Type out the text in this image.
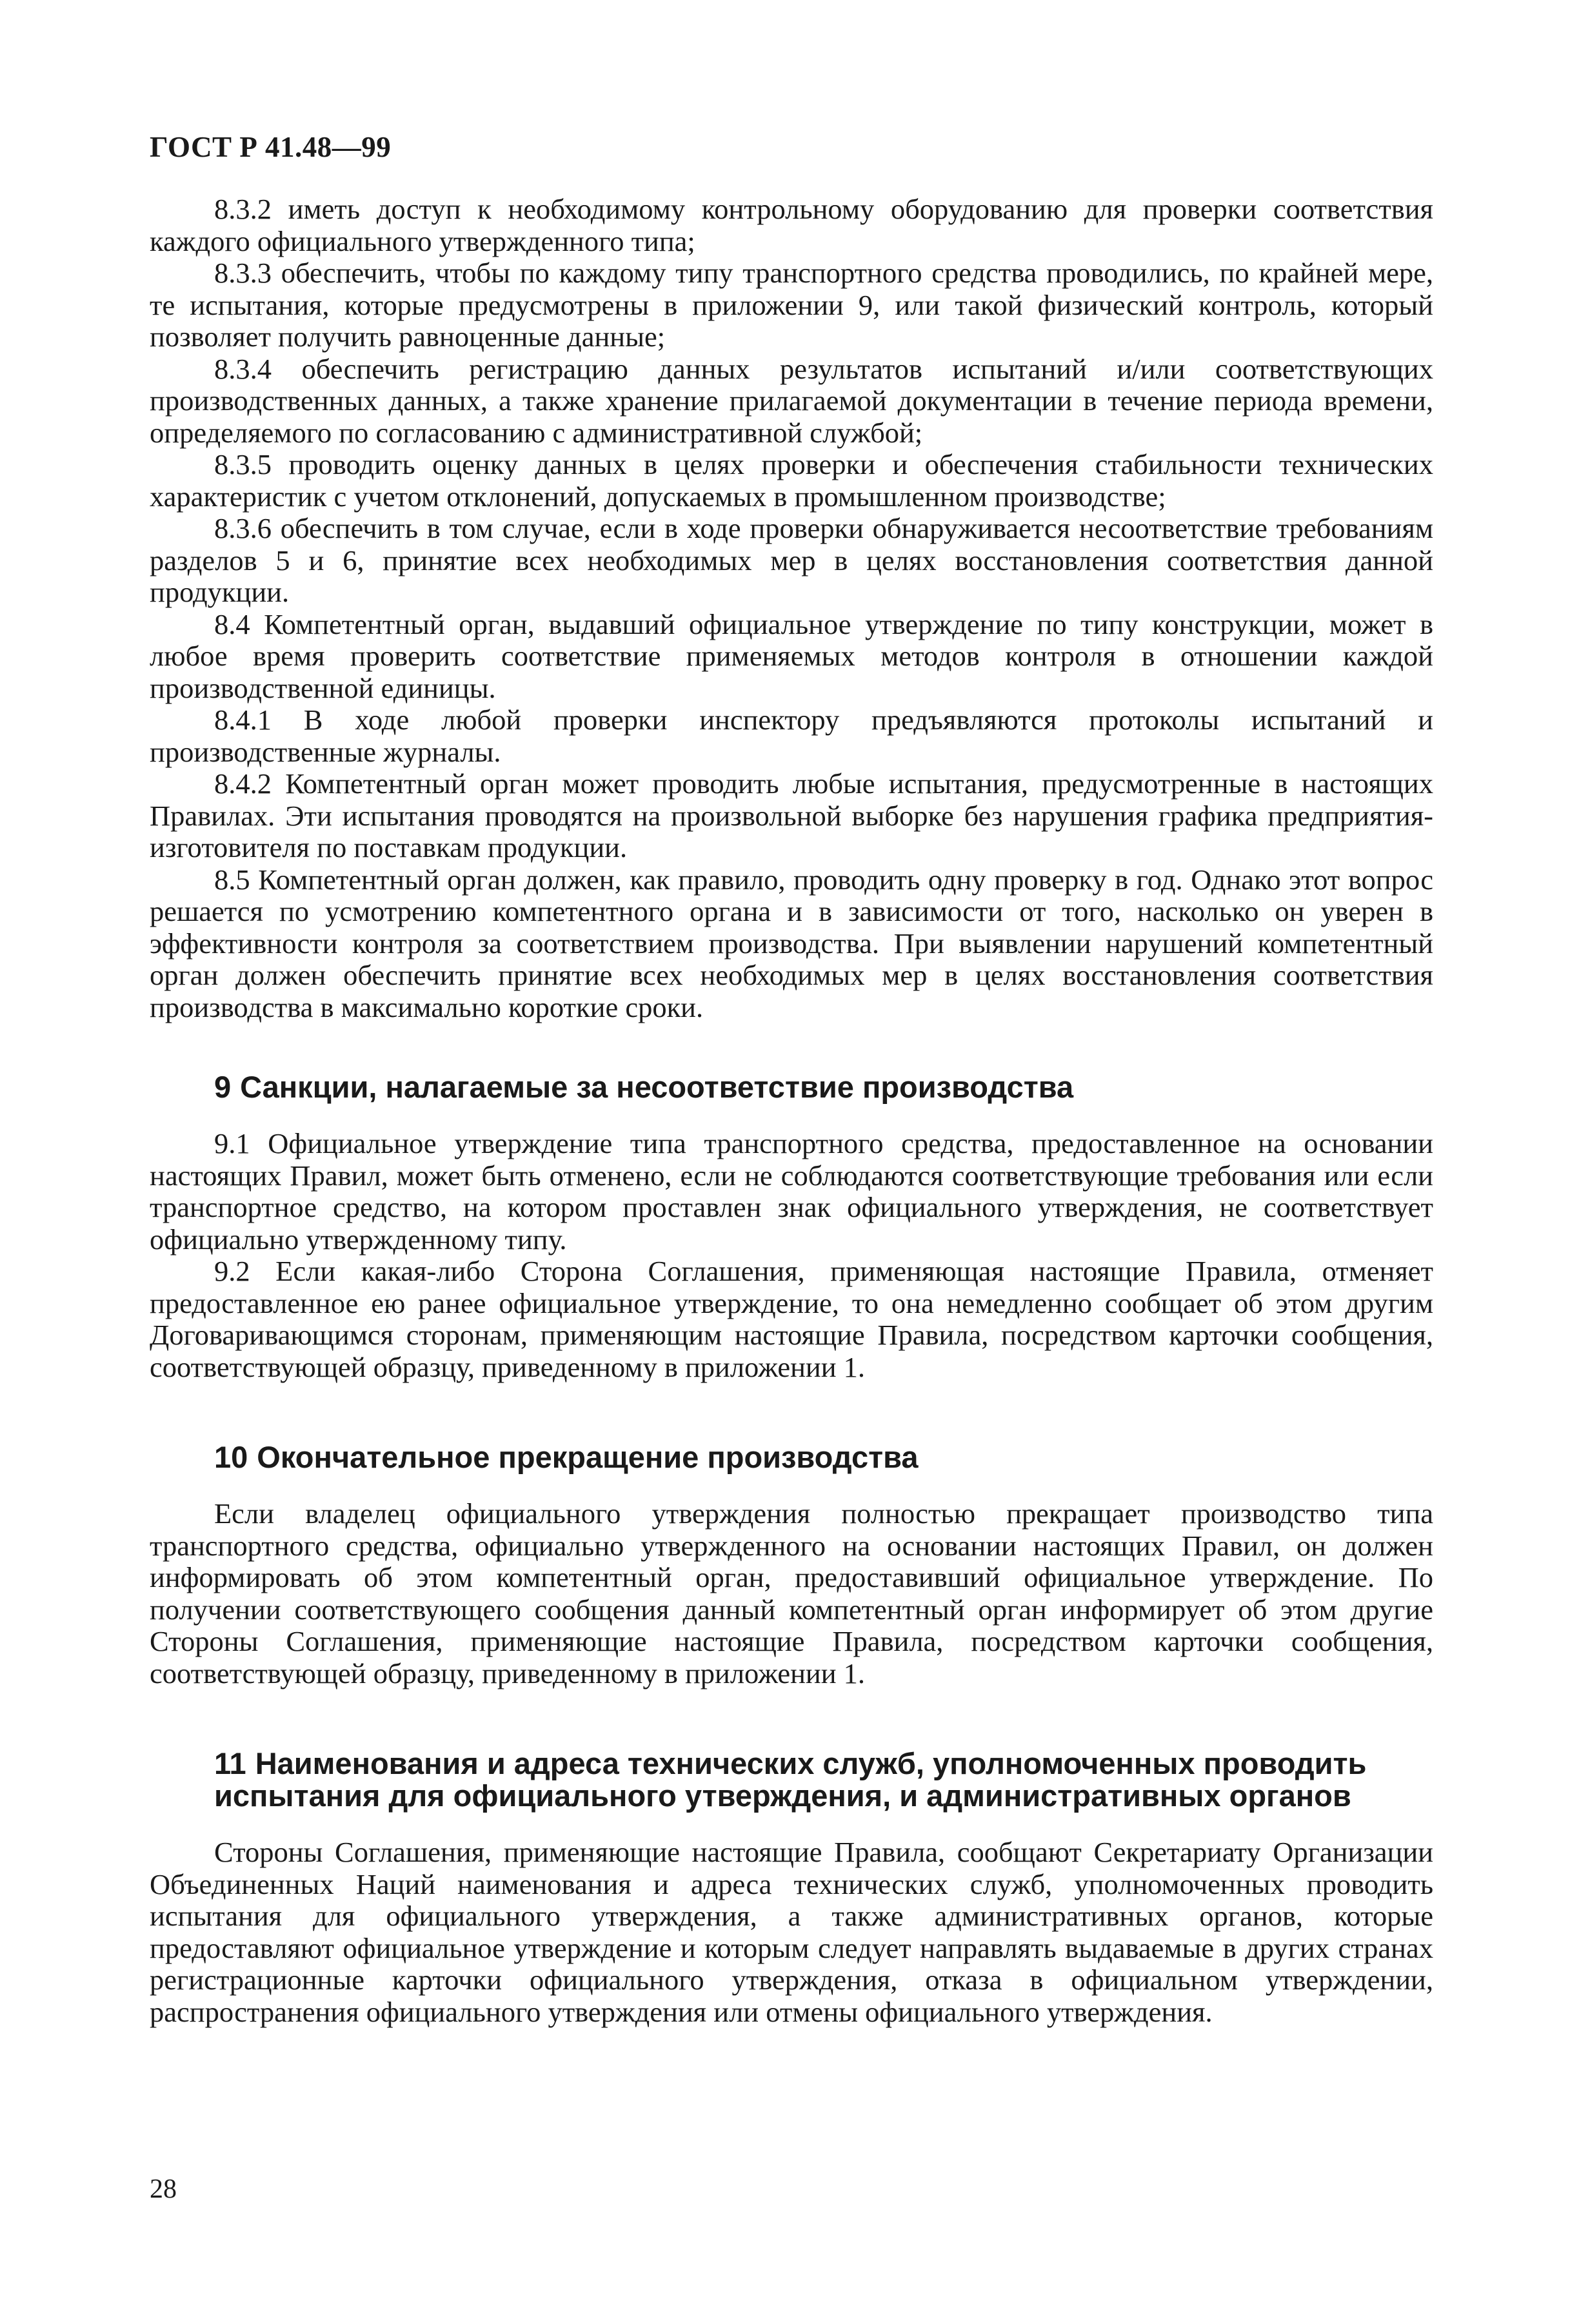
ГОСТ Р 41.48—99

8.3.2 иметь доступ к необходимому контрольному оборудованию для проверки соответствия каждого официального утвержденного типа;

8.3.3 обеспечить, чтобы по каждому типу транспортного средства проводились, по крайней мере, те испытания, которые предусмотрены в приложении 9, или такой физический контроль, который позволяет получить равноценные данные;

8.3.4 обеспечить регистрацию данных результатов испытаний и/или соответствующих производственных данных, а также хранение прилагаемой документации в течение периода времени, определяемого по согласованию с административной службой;

8.3.5 проводить оценку данных в целях проверки и обеспечения стабильности технических характеристик с учетом отклонений, допускаемых в промышленном производстве;

8.3.6 обеспечить в том случае, если в ходе проверки обнаруживается несоответствие требованиям разделов 5 и 6, принятие всех необходимых мер в целях восстановления соответствия данной продукции.

8.4 Компетентный орган, выдавший официальное утверждение по типу конструкции, может в любое время проверить соответствие применяемых методов контроля в отношении каждой производственной единицы.

8.4.1 В ходе любой проверки инспектору предъявляются протоколы испытаний и производственные журналы.

8.4.2 Компетентный орган может проводить любые испытания, предусмотренные в настоящих Правилах. Эти испытания проводятся на произвольной выборке без нарушения графика предприятия-изготовителя по поставкам продукции.

8.5 Компетентный орган должен, как правило, проводить одну проверку в год. Однако этот вопрос решается по усмотрению компетентного органа и в зависимости от того, насколько он уверен в эффективности контроля за соответствием производства. При выявлении нарушений компетентный орган должен обеспечить принятие всех необходимых мер в целях восстановления соответствия производства в максимально короткие сроки.

9 Санкции, налагаемые за несоответствие производства

9.1 Официальное утверждение типа транспортного средства, предоставленное на основании настоящих Правил, может быть отменено, если не соблюдаются соответствующие требования или если транспортное средство, на котором проставлен знак официального утверждения, не соответствует официально утвержденному типу.

9.2 Если какая-либо Сторона Соглашения, применяющая настоящие Правила, отменяет предоставленное ею ранее официальное утверждение, то она немедленно сообщает об этом другим Договаривающимся сторонам, применяющим настоящие Правила, посредством карточки сообщения, соответствующей образцу, приведенному в приложении 1.

10 Окончательное прекращение производства

Если владелец официального утверждения полностью прекращает производство типа транспортного средства, официально утвержденного на основании настоящих Правил, он должен информировать об этом компетентный орган, предоставивший официальное утверждение. По получении соответствующего сообщения данный компетентный орган информирует об этом другие Стороны Соглашения, применяющие настоящие Правила, посредством карточки сообщения, соответствующей образцу, приведенному в приложении 1.

11 Наименования и адреса технических служб, уполномоченных проводить
испытания для официального утверждения, и административных органов

Стороны Соглашения, применяющие настоящие Правила, сообщают Секретариату Организации Объединенных Наций наименования и адреса технических служб, уполномоченных проводить испытания для официального утверждения, а также административных органов, которые предоставляют официальное утверждение и которым следует направлять выдаваемые в других странах регистрационные карточки официального утверждения, отказа в официальном утверждении, распространения официального утверждения или отмены официального утверждения.

28
